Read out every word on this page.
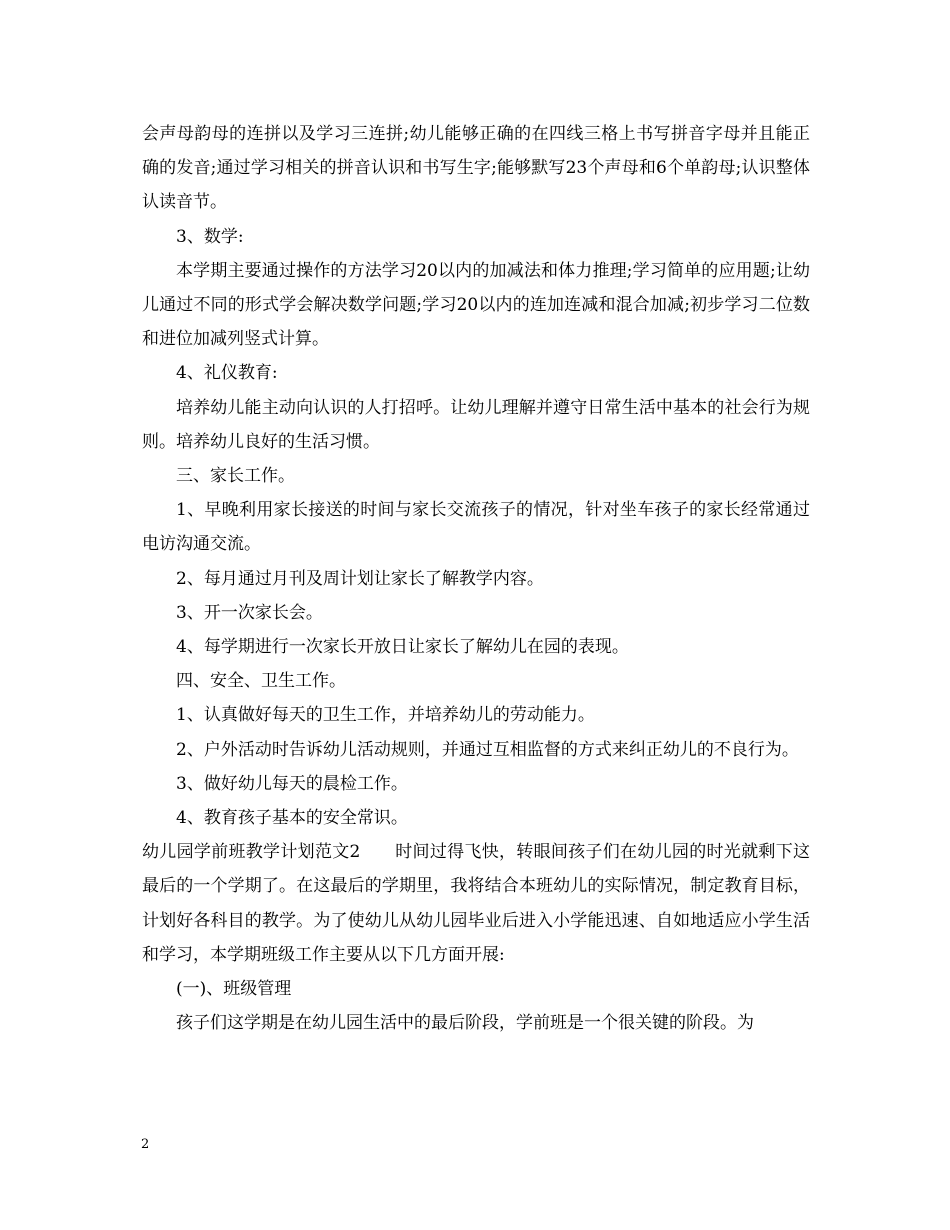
会声母韵母的连拼以及学习三连拼;幼儿能够正确的在四线三格上书写拼音字母并且能正确的发音;通过学习相关的拼音认识和书写生字;能够默写23个声母和6个单韵母;认识整体认读音节。

3、数学:

本学期主要通过操作的方法学习20以内的加减法和体力推理;学习简单的应用题;让幼儿通过不同的形式学会解决数学问题;学习20以内的连加连减和混合加减;初步学习二位数和进位加减列竖式计算。

4、礼仪教育:

培养幼儿能主动向认识的人打招呼。让幼儿理解并遵守日常生活中基本的社会行为规则。培养幼儿良好的生活习惯。

三、家长工作。

1、早晚利用家长接送的时间与家长交流孩子的情况，针对坐车孩子的家长经常通过电访沟通交流。

2、每月通过月刊及周计划让家长了解教学内容。

3、开一次家长会。

4、每学期进行一次家长开放日让家长了解幼儿在园的表现。

四、安全、卫生工作。

1、认真做好每天的卫生工作，并培养幼儿的劳动能力。

2、户外活动时告诉幼儿活动规则，并通过互相监督的方式来纠正幼儿的不良行为。

3、做好幼儿每天的晨检工作。

4、教育孩子基本的安全常识。

幼儿园学前班教学计划范文2　　时间过得飞快，转眼间孩子们在幼儿园的时光就剩下这最后的一个学期了。在这最后的学期里，我将结合本班幼儿的实际情况，制定教育目标，计划好各科目的教学。为了使幼儿从幼儿园毕业后进入小学能迅速、自如地适应小学生活和学习，本学期班级工作主要从以下几方面开展:

(一)、班级管理

孩子们这学期是在幼儿园生活中的最后阶段，学前班是一个很关键的阶段。为

2
